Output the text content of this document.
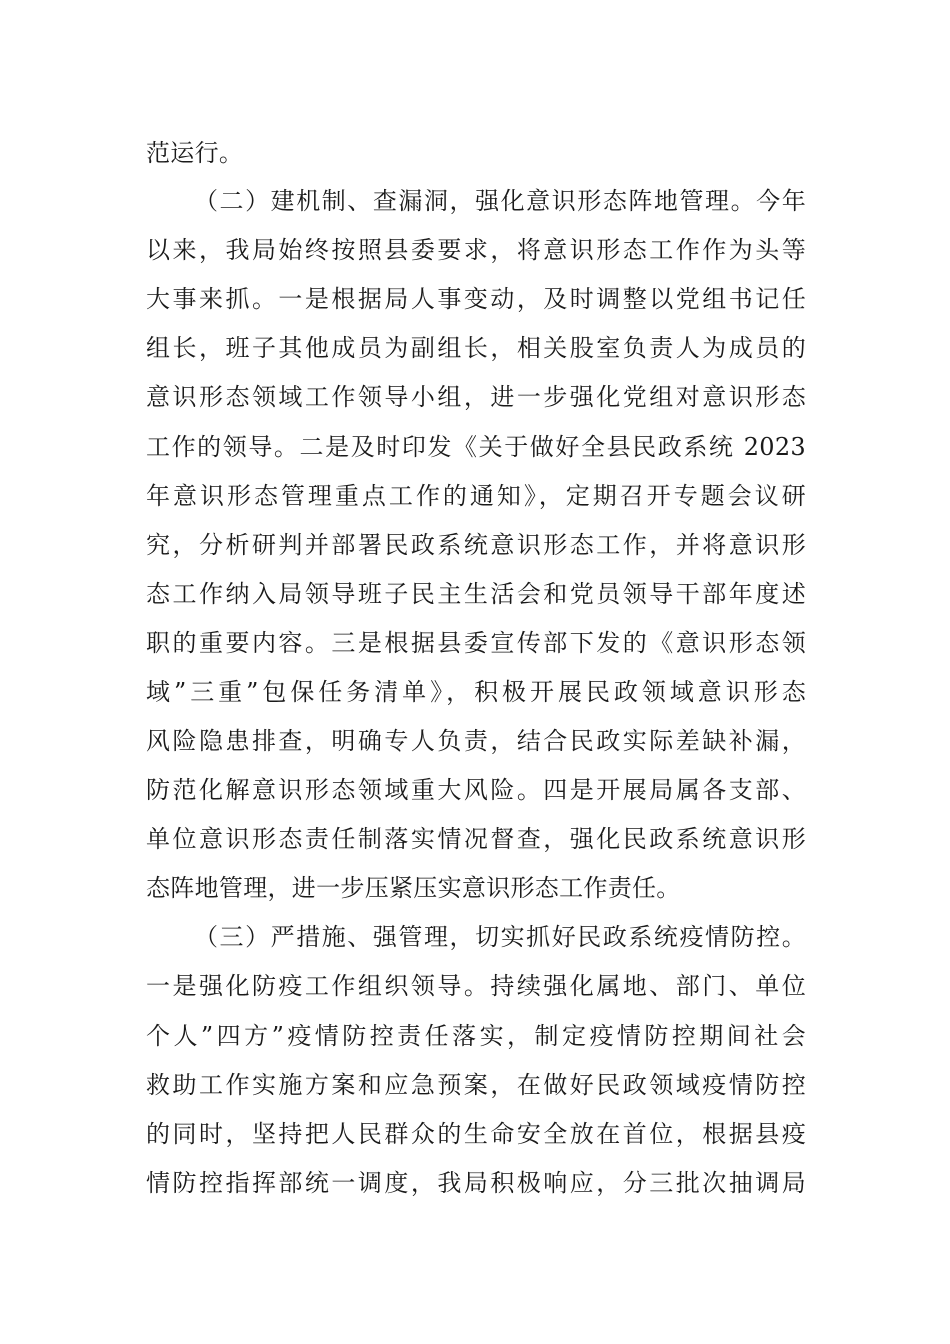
范运行。
（二）建机制、查漏洞，强化意识形态阵地管理。今年
以来，我局始终按照县委要求，将意识形态工作作为头等
大事来抓。一是根据局人事变动，及时调整以党组书记任
组长，班子其他成员为副组长，相关股室负责人为成员的
意识形态领域工作领导小组，进一步强化党组对意识形态
工作的领导。二是及时印发《关于做好全县民政系统 2023
年意识形态管理重点工作的通知》，定期召开专题会议研
究，分析研判并部署民政系统意识形态工作，并将意识形
态工作纳入局领导班子民主生活会和党员领导干部年度述
职的重要内容。三是根据县委宣传部下发的《意识形态领
域”三重”包保任务清单》，积极开展民政领域意识形态
风险隐患排查，明确专人负责，结合民政实际差缺补漏，
防范化解意识形态领域重大风险。四是开展局属各支部、
单位意识形态责任制落实情况督查，强化民政系统意识形
态阵地管理，进一步压紧压实意识形态工作责任。
（三）严措施、强管理，切实抓好民政系统疫情防控。
一是强化防疫工作组织领导。持续强化属地、部门、单位
个人”四方”疫情防控责任落实，制定疫情防控期间社会
救助工作实施方案和应急预案，在做好民政领域疫情防控
的同时，坚持把人民群众的生命安全放在首位，根据县疫
情防控指挥部统一调度，我局积极响应，分三批次抽调局
